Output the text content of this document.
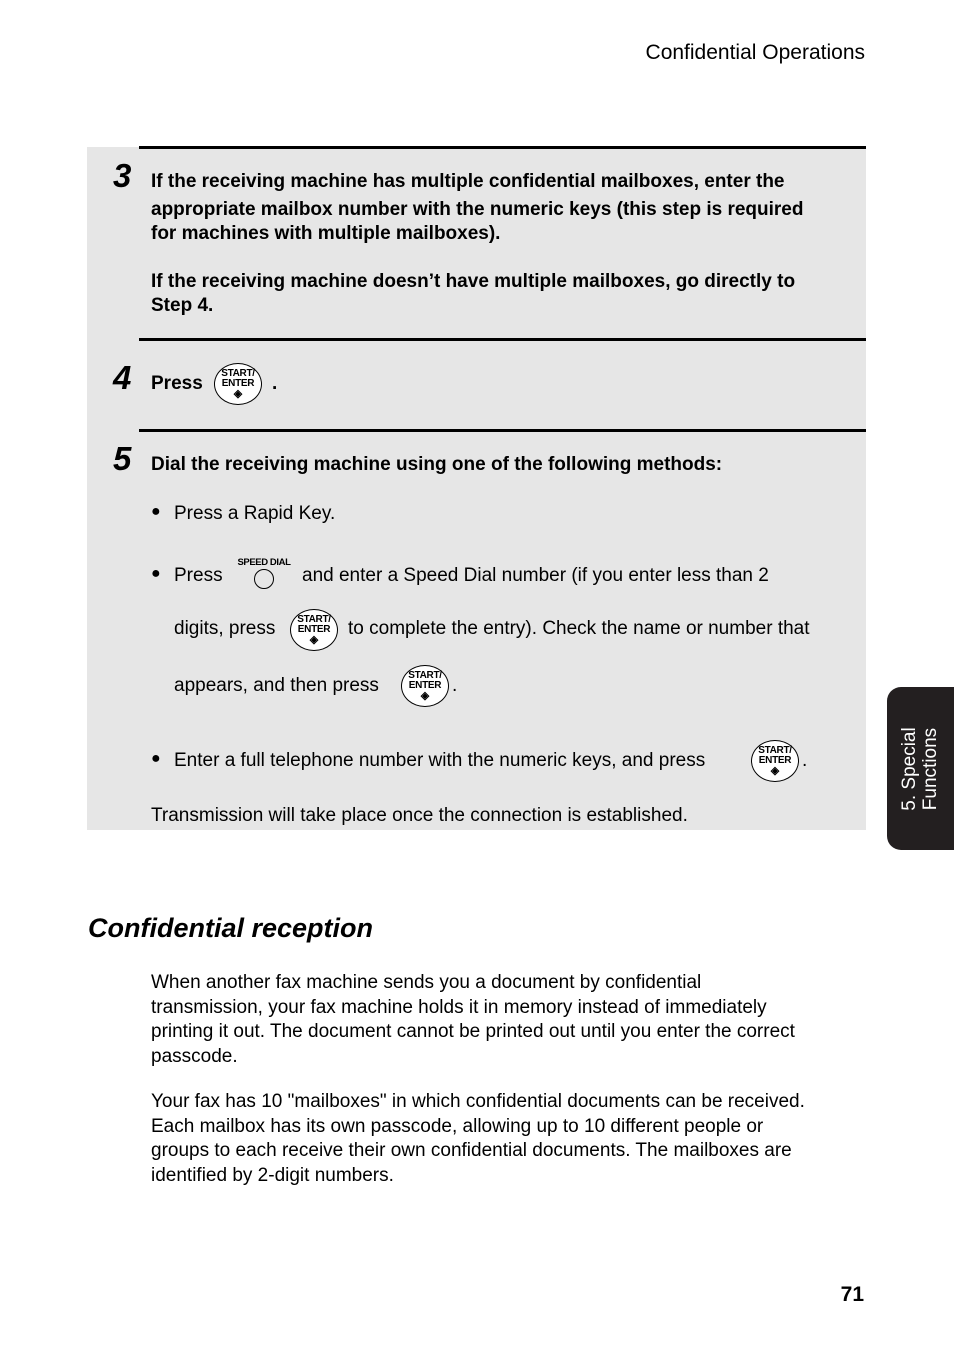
Confidential Operations
3 If the receiving machine has multiple confidential mailboxes, enter the
appropriate mailbox number with the numeric keys (this step is required
for machines with multiple mailboxes).
If the receiving machine doesn’t have multiple mailboxes, go directly to
Step 4.
4 Press	START/
ENTER
◈	.
5 Dial the receiving machine using one of the following methods:
● Press a Rapid Key.
● Press
SPEED DIAL
and enter a Speed Dial number (if you enter less than 2
digits, press	START/
ENTER
◈
to complete the entry). Check the name or number that
appears, and then press	START/
ENTER
◈	.
● Enter a full telephone number with the numeric keys, and press	START/
ENTER
◈	.
Transmission will take place once the connection is established.
Confidential reception
When another fax machine sends you a document by confidential
transmission, your fax machine holds it in memory instead of immediately
printing it out. The document cannot be printed out until you enter the correct
passcode.
Your fax has 10 "mailboxes" in which confidential documents can be received.
Each mailbox has its own passcode, allowing up to 10 different people or
groups to each receive their own confidential documents. The mailboxes are
identified by 2-digit numbers.
5. Special Functions
71
